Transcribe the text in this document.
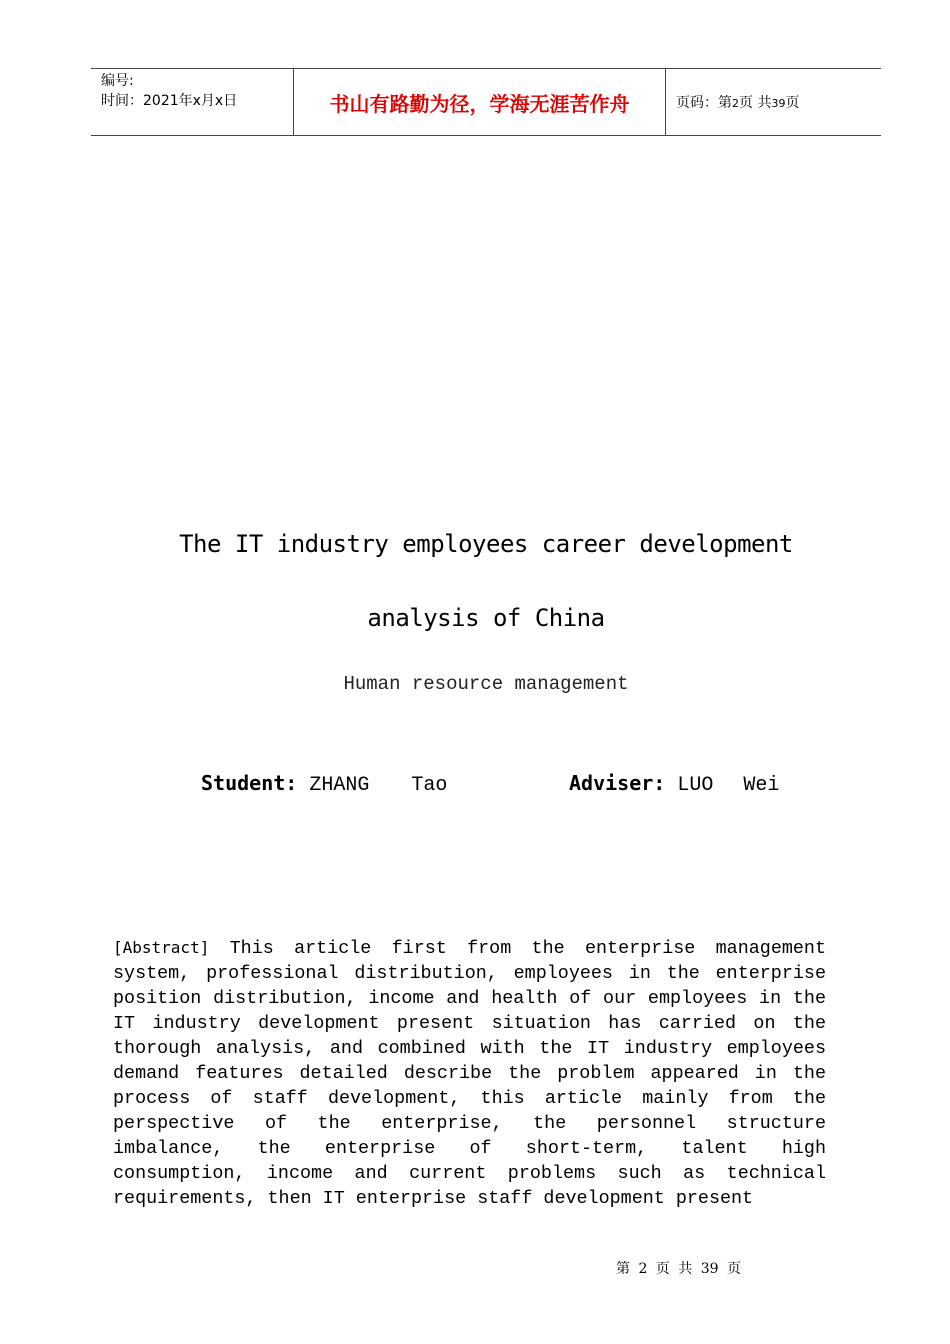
编号:
时间：2021年x月x日	书山有路勤为径，学海无涯苦作舟	页码：第2页 共39页
The IT industry employees career development
analysis of China
Human resource management
Student: ZHANG Tao	Adviser: LUO Wei
[Abstract] This article first from the enterprise management system, professional distribution, employees in the enterprise position distribution, income and health of our employees in the IT industry development present situation has carried on the thorough analysis, and combined with the IT industry employees demand features detailed describe the problem appeared in the process of staff development, this article mainly from the perspective of the enterprise, the personnel structure imbalance, the enterprise of short-term, talent high consumption, income and current problems such as technical requirements, then IT enterprise staff development present
第 2 页 共 39 页
